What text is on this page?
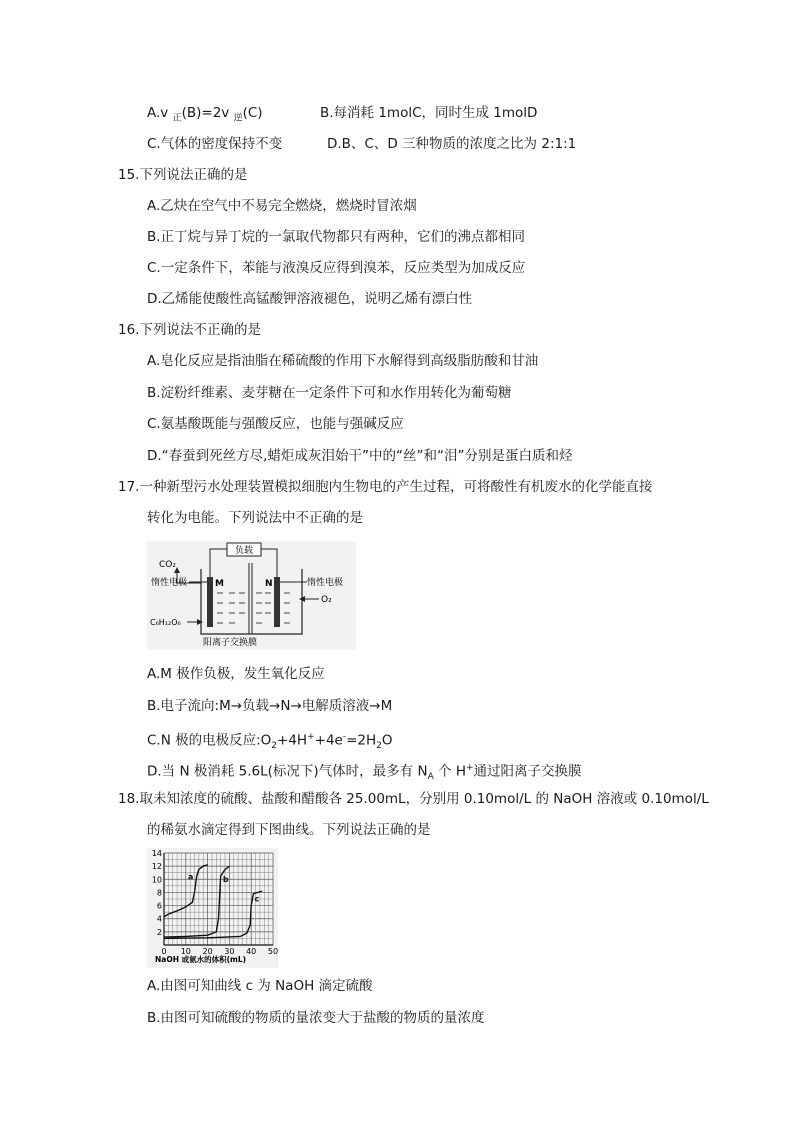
A.v $_正$(B)=2v $_逆$(C)	B.每消耗 1molC，同时生成 1molD
C.气体的密度保持不变	D.B、C、D 三种物质的浓度之比为 2:1:1
15.下列说法正确的是
A.乙炔在空气中不易完全燃烧，燃烧时冒浓烟
B.正丁烷与异丁烷的一氯取代物都只有两种，它们的沸点都相同
C.一定条件下，苯能与液溴反应得到溴苯，反应类型为加成反应
D.乙烯能使酸性高锰酸钾溶液褪色，说明乙烯有漂白性
16.下列说法不正确的是
A.皂化反应是指油脂在稀硫酸的作用下水解得到高级脂肪酸和甘油
B.淀粉纤维素、麦芽糖在一定条件下可和水作用转化为葡萄糖
C.氨基酸既能与强酸反应，也能与强碱反应
D.“春蚕到死丝方尽,蜡炬成灰泪始干”中的“丝”和“泪”分别是蛋白质和烃
17.一种新型污水处理装置模拟细胞内生物电的产生过程，可将酸性有机废水的化学能直接
转化为电能。下列说法中不正确的是
负载
M	N
CO₂
惰性电极	惰性电极
O₂
C₆H₁₂O₆
阳离子交换膜
A.M 极作负极，发生氧化反应
B.电子流向:M→负载→N→电解质溶液→M
C.N 极的电极反应$:O_2+4H^++4e^-=2H_2O$
D.当 N 极消耗 5.6L(标况下)气体时，最多有 $N_A$ 个 H+通过阳离子交换膜
18.取未知浓度的硫酸、盐酸和醋酸各 25.00mL，分别用 0.10mol/L 的 NaOH 溶液或 0.10mol/L
的稀氨水滴定得到下图曲线。下列说法正确的是
a	b
c
0 10 20 30 40 50
2
4
6
8
10
12
14
NaOH 或氨水的体积(mL)
A.由图可知曲线 c 为 NaOH 滴定硫酸
B.由图可知硫酸的物质的量浓变大于盐酸的物质的量浓度
